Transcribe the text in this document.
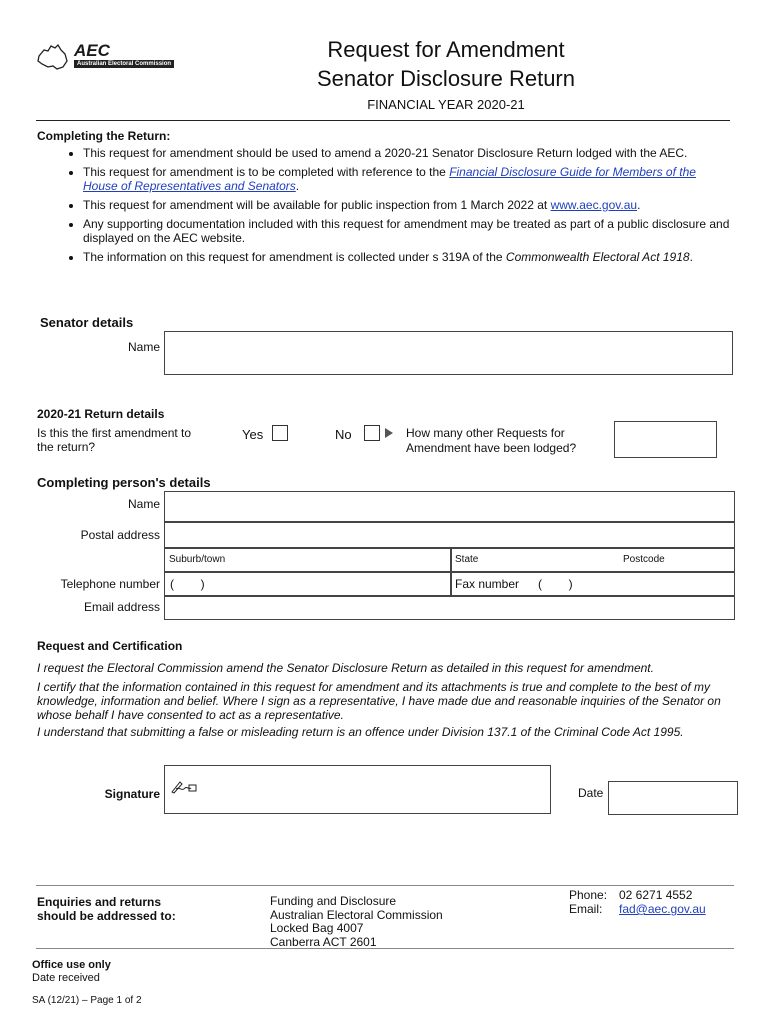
AEC
Australian Electoral Commission
Request for Amendment
Senator Disclosure Return
FINANCIAL YEAR 2020-21
Completing the Return:
• This request for amendment should be used to amend a 2020-21 Senator Disclosure Return lodged with the AEC.
• This request for amendment is to be completed with reference to the Financial Disclosure Guide for Members of the House of Representatives and Senators.
• This request for amendment will be available for public inspection from 1 March 2022 at www.aec.gov.au.
• Any supporting documentation included with this request for amendment may be treated as part of a public disclosure and displayed on the AEC website.
• The information on this request for amendment is collected under s 319A of the Commonwealth Electoral Act 1918.
Senator details
Name
2020-21 Return details
Is this the first amendment to the return?
Yes	No	How many other Requests for Amendment have been lodged?
Completing person's details
Name
Postal address
Suburb/town	State	Postcode
Telephone number (        )	Fax number (        )
Email address
Request and Certification
I request the Electoral Commission amend the Senator Disclosure Return as detailed in this request for amendment.
I certify that the information contained in this request for amendment and its attachments is true and complete to the best of my knowledge, information and belief. Where I sign as a representative, I have made due and reasonable inquiries of the Senator on whose behalf I have consented to act as a representative.
I understand that submitting a false or misleading return is an offence under Division 137.1 of the Criminal Code Act 1995.
Signature	Date
Enquiries and returns
should be addressed to:
Funding and Disclosure
Australian Electoral Commission
Locked Bag 4007
Canberra ACT 2601
Phone: 02 6271 4552
Email: fad@aec.gov.au
Office use only
Date received
SA (12/21) – Page 1 of 2
